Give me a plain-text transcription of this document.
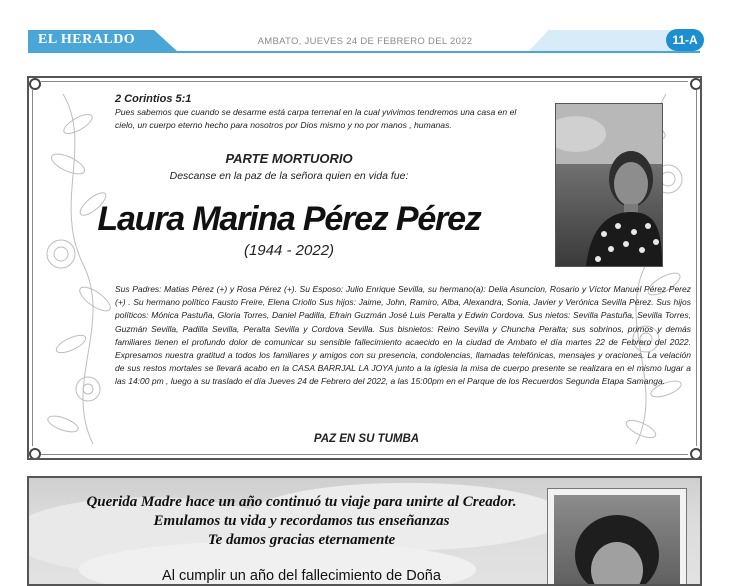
EL HERALDO	AMBATO, JUEVES 24 DE FEBRERO DEL 2022	11-A
2 Corintios 5:1
Pues sabemos que cuando se desarme está carpa terrenal en la cual yvivimos tendremos una casa en el cielo, un cuerpo eterno hecho para nosotros por Dios mismo y no por manos , humanas.
PARTE MORTUORIO
Descanse en la paz de la señora quien en vida fue:
Laura Marina Pérez Pérez
(1944 - 2022)
Sus Padres: Matias Pérez (+) y Rosa Pérez (+). Su Esposo: Julio Enrique Sevilla, su hermano(a): Delia Asuncion, Rosario y Víctor Manuel Pérez Perez (+) . Su hermano político Fausto Freire, Elena Criollo Sus hijos: Jaime, John, Ramiro, Alba, Alexandra, Sonia, Javier y Verónica Sevilla Pérez. Sus hijos políticos: Mónica Pastuña, Gloria Torres, Daniel Padilla, Efrain Guzmán José Luis Peralta y Edwin Cordova. Sus nietos: Sevilla Pastuña, Sevilla Torres, Guzmán Sevilla, Padilla Sevilla, Peralta Sevilla y Cordova Sevilla. Sus bisnietos: Reino Sevilla y Chuncha Peralta; sus sobrinos, primos y demás familiares tienen el profundo dolor de comunicar su sensible fallecimiento acaecido en la ciudad de Ambato el día martes 22 de Febrero del 2022. Expresamos nuestra gratitud a todos los familiares y amigos con su presencia, condolencias, llamadas telefónicas, mensajes y oraciones. La velación de sus restos mortales se llevará acabo en la CASA BARRJAL LA JOYA junto a la iglesia la misa de cuerpo presente se realizara en el mismo lugar a las 14:00 pm , luego a su traslado el día Jueves 24 de Febrero del 2022, a las 15:00pm en el Parque de los Recuerdos Segunda Etapa Samanga.
PAZ EN SU TUMBA
Querida Madre hace un año continuó tu viaje para unirte al Creador.
Emulamos tu vida y recordamos tus enseñanzas
Te damos gracias eternamente
Al cumplir un año del fallecimiento de Doña
